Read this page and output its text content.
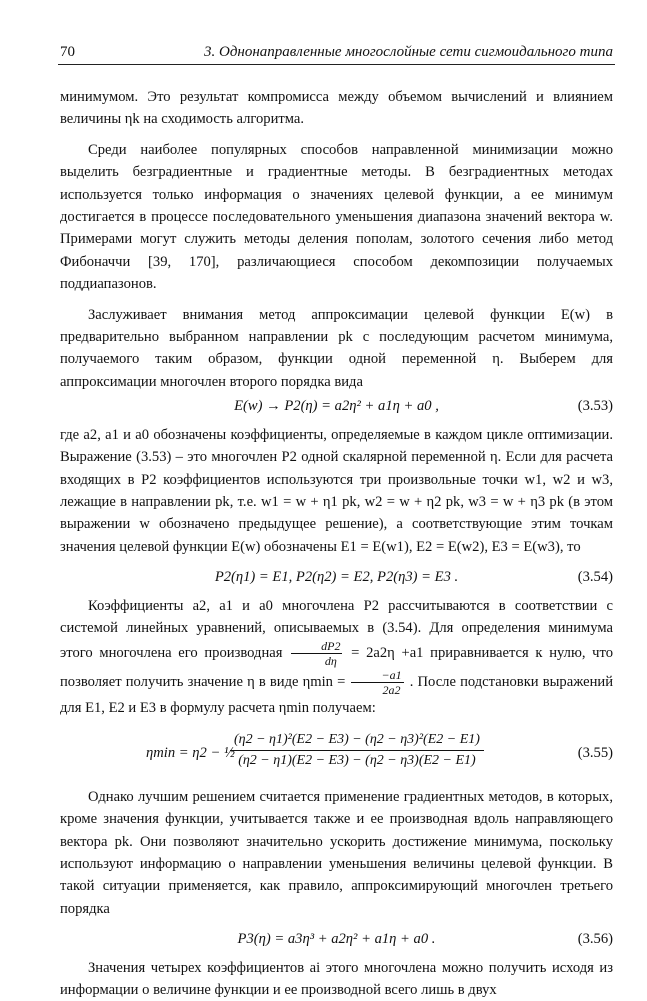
70	3. Однонаправленные многослойные сети сигмоидального типа

минимумом. Это результат компромисса между объемом вычислений и влиянием величины ηk на сходимость алгоритма.

Среди наиболее популярных способов направленной минимизации можно выделить безградиентные и градиентные методы. В безградиентных методах используется только информация о значениях целевой функции, а ее минимум достигается в процессе последовательного уменьшения диапазона значений вектора w. Примерами могут служить методы деления пополам, золотого сечения либо метод Фибоначчи [39, 170], различающиеся способом декомпозиции получаемых поддиапазонов.

Заслуживает внимания метод аппроксимации целевой функции E(w) в предварительно выбранном направлении pk с последующим расчетом минимума, получаемого таким образом, функции одной переменной η. Выберем для аппроксимации многочлен второго порядка вида

E(w) → P2(η) = a2η² + a1η + a0 ,	(3.53)

где a2, a1 и a0 обозначены коэффициенты, определяемые в каждом цикле оптимизации. Выражение (3.53) – это многочлен P2 одной скалярной переменной η. Если для расчета входящих в P2 коэффициентов используются три произвольные точки w1, w2 и w3, лежащие в направлении pk, т.е. w1 = w + η1 pk, w2 = w + η2 pk, w3 = w + η3 pk (в этом выражении w обозначено предыдущее решение), а соответствующие этим точкам значения целевой функции E(w) обозначены E1 = E(w1), E2 = E(w2), E3 = E(w3), то

P2(η1) = E1, P2(η2) = E2, P2(η3) = E3 .	(3.54)

Коэффициенты a2, a1 и a0 многочлена P2 рассчитываются в соответствии с системой линейных уравнений, описываемых в (3.54). Для определения минимума этого многочлена его производная $\frac{dP2}{d\eta} = 2a2\eta +a1$ приравнивается к нулю, что позволяет получить значение η в виде $\eta\min = \frac{-a1}{2a2}$ . После подстановки выражений для E1, E2 и E3 в формулу расчета ηmin получаем:

ηmin = η2 − ½
(η2 − η1)²(E2 − E3) − (η2 − η3)²(E2 − E1)
(η2 − η1)(E2 − E3) − (η2 − η3)(E2 − E1)	(3.55)

Однако лучшим решением считается применение градиентных методов, в которых, кроме значения функции, учитывается также и ее производная вдоль направляющего вектора pk. Они позволяют значительно ускорить достижение минимума, поскольку используют информацию о направлении уменьшения величины целевой функции. В такой ситуации применяется, как правило, аппроксимирующий многочлен третьего порядка

P3(η) = a3η³ + a2η² + a1η + a0 .	(3.56)

Значения четырех коэффициентов ai этого многочлена можно получить исходя из информации о величине функции и ее производной всего лишь в двух
